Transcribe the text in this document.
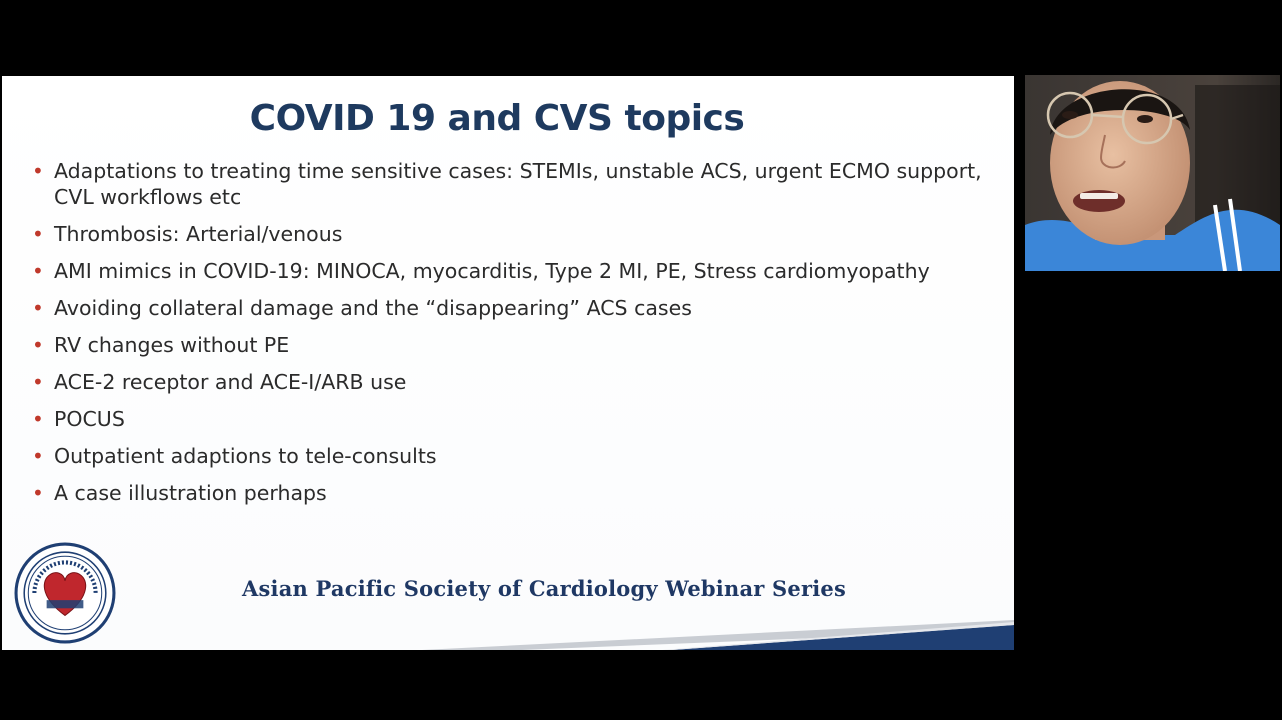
COVID 19 and CVS topics
• Adaptations to treating time sensitive cases: STEMIs, unstable ACS, urgent ECMO support, CVL workflows etc
• Thrombosis: Arterial/venous
• AMI mimics in COVID-19: MINOCA, myocarditis, Type 2 MI, PE, Stress cardiomyopathy
• Avoiding collateral damage and the “disappearing” ACS cases
• RV changes without PE
• ACE-2 receptor and ACE-I/ARB use
• POCUS
• Outpatient adaptions to tele-consults
• A case illustration perhaps
Asian Pacific Society of Cardiology Webinar Series
